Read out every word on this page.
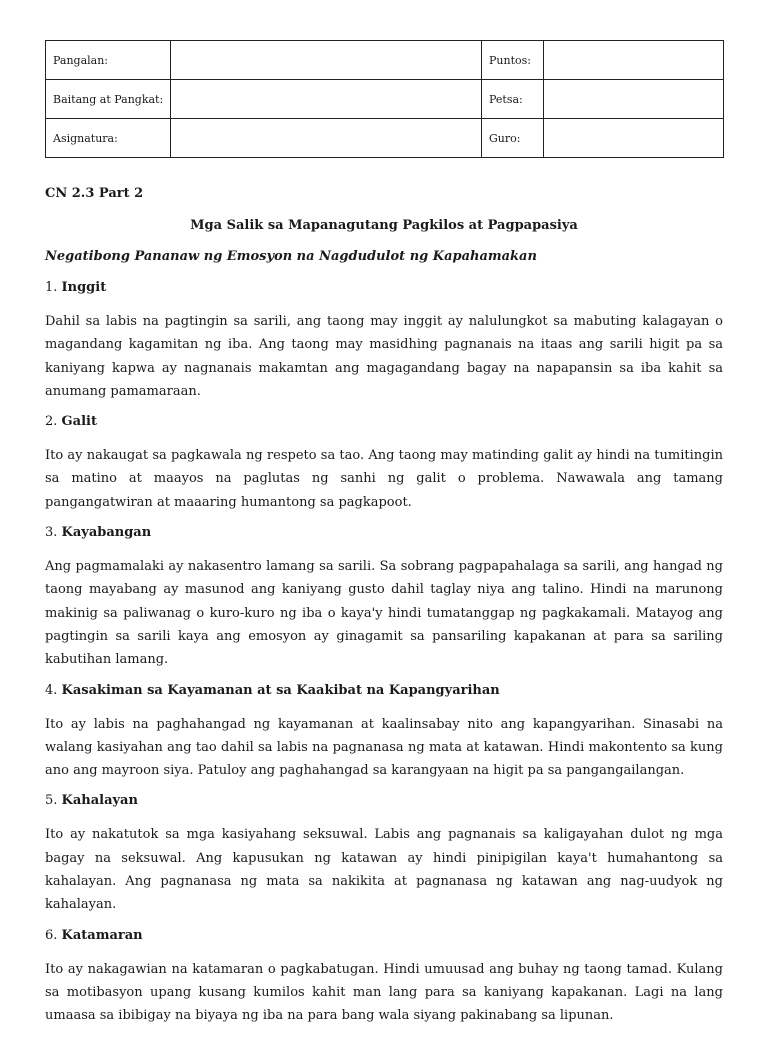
Pangalan:		Puntos:	
Baitang at Pangkat:		Petsa:	
Asignatura:		Guro:	
CN 2.3 Part 2
Mga Salik sa Mapanagutang Pagkilos at Pagpapasiya
Negatibong Pananaw ng Emosyon na Nagdudulot ng Kapahamakan
1. Inggit
Dahil sa labis na pagtingin sa sarili, ang taong may inggit ay nalulungkot sa mabuting kalagayan o magandang kagamitan ng iba. Ang taong may masidhing pagnanais na itaas ang sarili higit pa sa kaniyang kapwa ay nagnanais makamtan ang magagandang bagay na napapansin sa iba kahit sa anumang pamamaraan.
2. Galit
Ito ay nakaugat sa pagkawala ng respeto sa tao. Ang taong may matinding galit ay hindi na tumitingin sa matino at maayos na paglutas ng sanhi ng galit o problema. Nawawala ang tamang pangangatwiran at maaaring humantong sa pagkapoot.
3. Kayabangan
Ang pagmamalaki ay nakasentro lamang sa sarili. Sa sobrang pagpapahalaga sa sarili, ang hangad ng taong mayabang ay masunod ang kaniyang gusto dahil taglay niya ang talino. Hindi na marunong makinig sa paliwanag o kuro-kuro ng iba o kaya'y hindi tumatanggap ng pagkakamali. Matayog ang pagtingin sa sarili kaya ang emosyon ay ginagamit sa pansariling kapakanan at para sa sariling kabutihan lamang.
4. Kasakiman sa Kayamanan at sa Kaakibat na Kapangyarihan
Ito ay labis na paghahangad ng kayamanan at kaalinsabay nito ang kapangyarihan. Sinasabi na walang kasiyahan ang tao dahil sa labis na pagnanasa ng mata at katawan. Hindi makontento sa kung ano ang mayroon siya. Patuloy ang paghahangad sa karangyaan na higit pa sa pangangailangan.
5. Kahalayan
Ito ay nakatutok sa mga kasiyahang seksuwal. Labis ang pagnanais sa kaligayahan dulot ng mga bagay na seksuwal. Ang kapusukan ng katawan ay hindi pinipigilan kaya't humahantong sa kahalayan. Ang pagnanasa ng mata sa nakikita at pagnanasa ng katawan ang nag-uudyok ng kahalayan.
6. Katamaran
Ito ay nakagawian na katamaran o pagkabatugan. Hindi umuusad ang buhay ng taong tamad. Kulang sa motibasyon upang kusang kumilos kahit man lang para sa kaniyang kapakanan. Lagi na lang umaasa sa ibibigay na biyaya ng iba na para bang wala siyang pakinabang sa lipunan.
